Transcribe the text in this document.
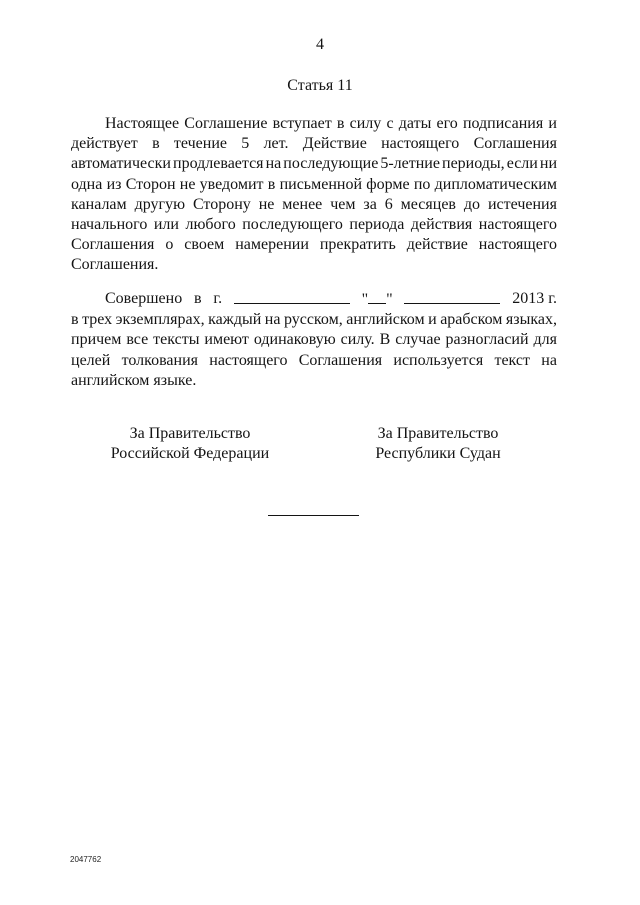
4
Статья 11
Настоящее Соглашение вступает в силу с даты его подписания и
действует в течение 5 лет. Действие настоящего Соглашения
автоматически продлевается на последующие 5-летние периоды, если ни
одна из Сторон не уведомит в письменной форме по дипломатическим
каналам другую Сторону не менее чем за 6 месяцев до истечения
начального или любого последующего периода действия настоящего
Соглашения о своем намерении прекратить действие настоящего
Соглашения.
Совершено в г.	" "	2013 г.
в трех экземплярах, каждый на русском, английском и арабском языках,
причем все тексты имеют одинаковую силу. В случае разногласий для
целей толкования настоящего Соглашения используется текст на
английском языке.
За Правительство
Российской Федерации
За Правительство
Республики Судан
2047762
